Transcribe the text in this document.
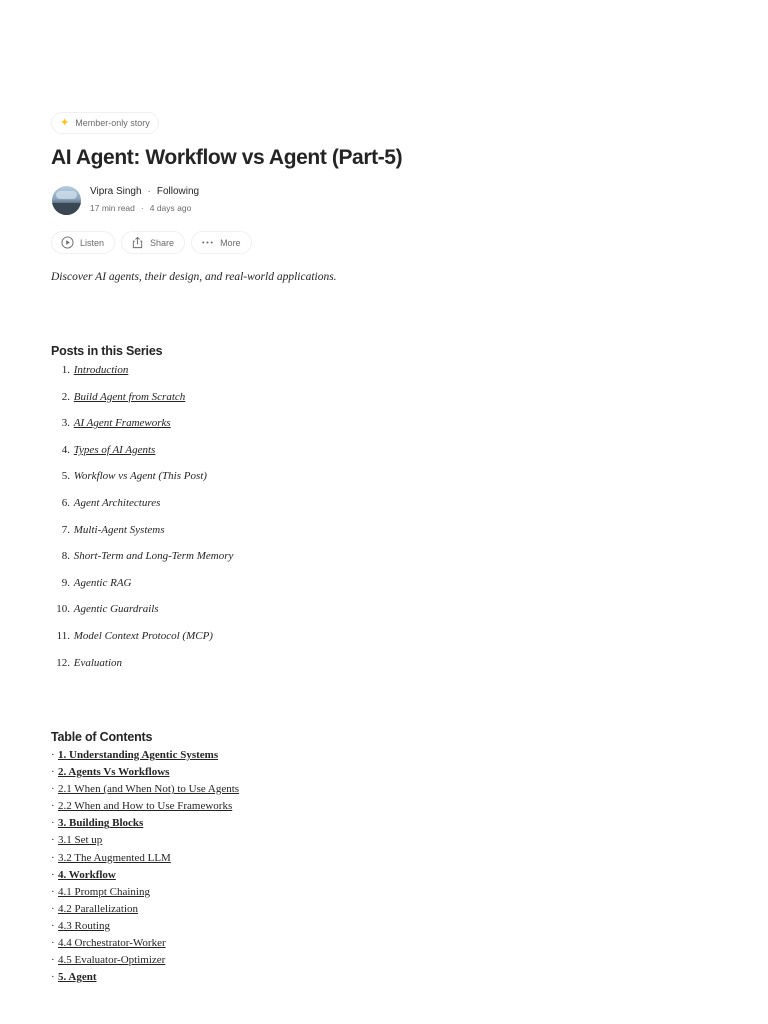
✦ Member-only story
AI Agent: Workflow vs Agent (Part-5)
Vipra Singh · Following
17 min read · 4 days ago
Listen	Share	More

Discover AI agents, their design, and real-world applications.

Posts in this Series
1.
Introduction
2.
Build Agent from Scratch
3.
AI Agent Frameworks
4.
Types of AI Agents
5.
Workflow vs Agent (This Post)
6.
Agent Architectures
7.
Multi-Agent Systems
8.
Short-Term and Long-Term Memory
9.
Agentic RAG
10.
Agentic Guardrails
11.
Model Context Protocol (MCP)
12.
Evaluation
Table of Contents
· 1. Understanding Agentic Systems
· 2. Agents Vs Workflows
· 2.1 When (and When Not) to Use Agents
· 2.2 When and How to Use Frameworks
· 3. Building Blocks
· 3.1 Set up
· 3.2 The Augmented LLM
· 4. Workflow
· 4.1 Prompt Chaining
· 4.2 Parallelization
· 4.3 Routing
· 4.4 Orchestrator-Worker
· 4.5 Evaluator-Optimizer
· 5. Agent
